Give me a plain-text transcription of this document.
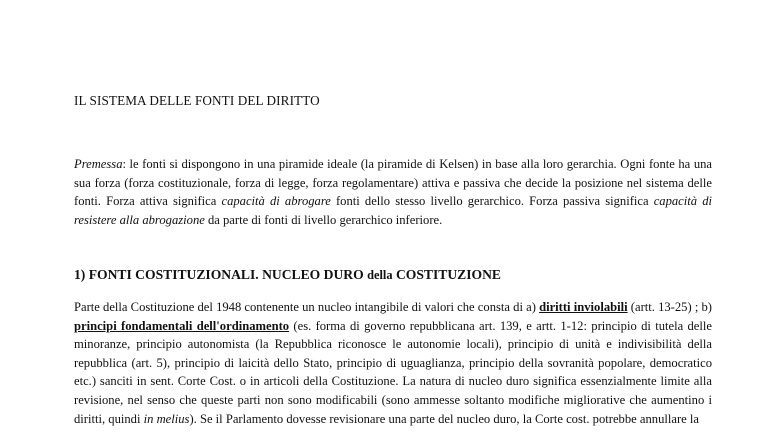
IL SISTEMA DELLE FONTI DEL DIRITTO

Premessa: le fonti si dispongono in una piramide ideale (la piramide di Kelsen) in base alla loro gerarchia. Ogni fonte ha una sua forza (forza costituzionale, forza di legge, forza regolamentare) attiva e passiva che decide la posizione nel sistema delle fonti. Forza attiva significa capacità di abrogare fonti dello stesso livello gerarchico. Forza passiva significa capacità di resistere alla abrogazione da parte di fonti di livello gerarchico inferiore.

1) FONTI COSTITUZIONALI. NUCLEO DURO della COSTITUZIONE

Parte della Costituzione del 1948 contenente un nucleo intangibile di valori che consta di a) diritti inviolabili (artt. 13-25) ; b) principi fondamentali dell'ordinamento (es. forma di governo repubblicana art. 139, e artt. 1-12: principio di tutela delle minoranze, principio autonomista (la Repubblica riconosce le autonomie locali), principio di unità e indivisibilità della repubblica (art. 5), principio di laicità dello Stato, principio di uguaglianza, principio della sovranità popolare, democratico etc.) sanciti in sent. Corte Cost. o in articoli della Costituzione. La natura di nucleo duro significa essenzialmente limite alla revisione, nel senso che queste parti non sono modificabili (sono ammesse soltanto modifiche migliorative che aumentino i diritti, quindi in melius). Se il Parlamento dovesse revisionare una parte del nucleo duro, la Corte cost. potrebbe annullare la
